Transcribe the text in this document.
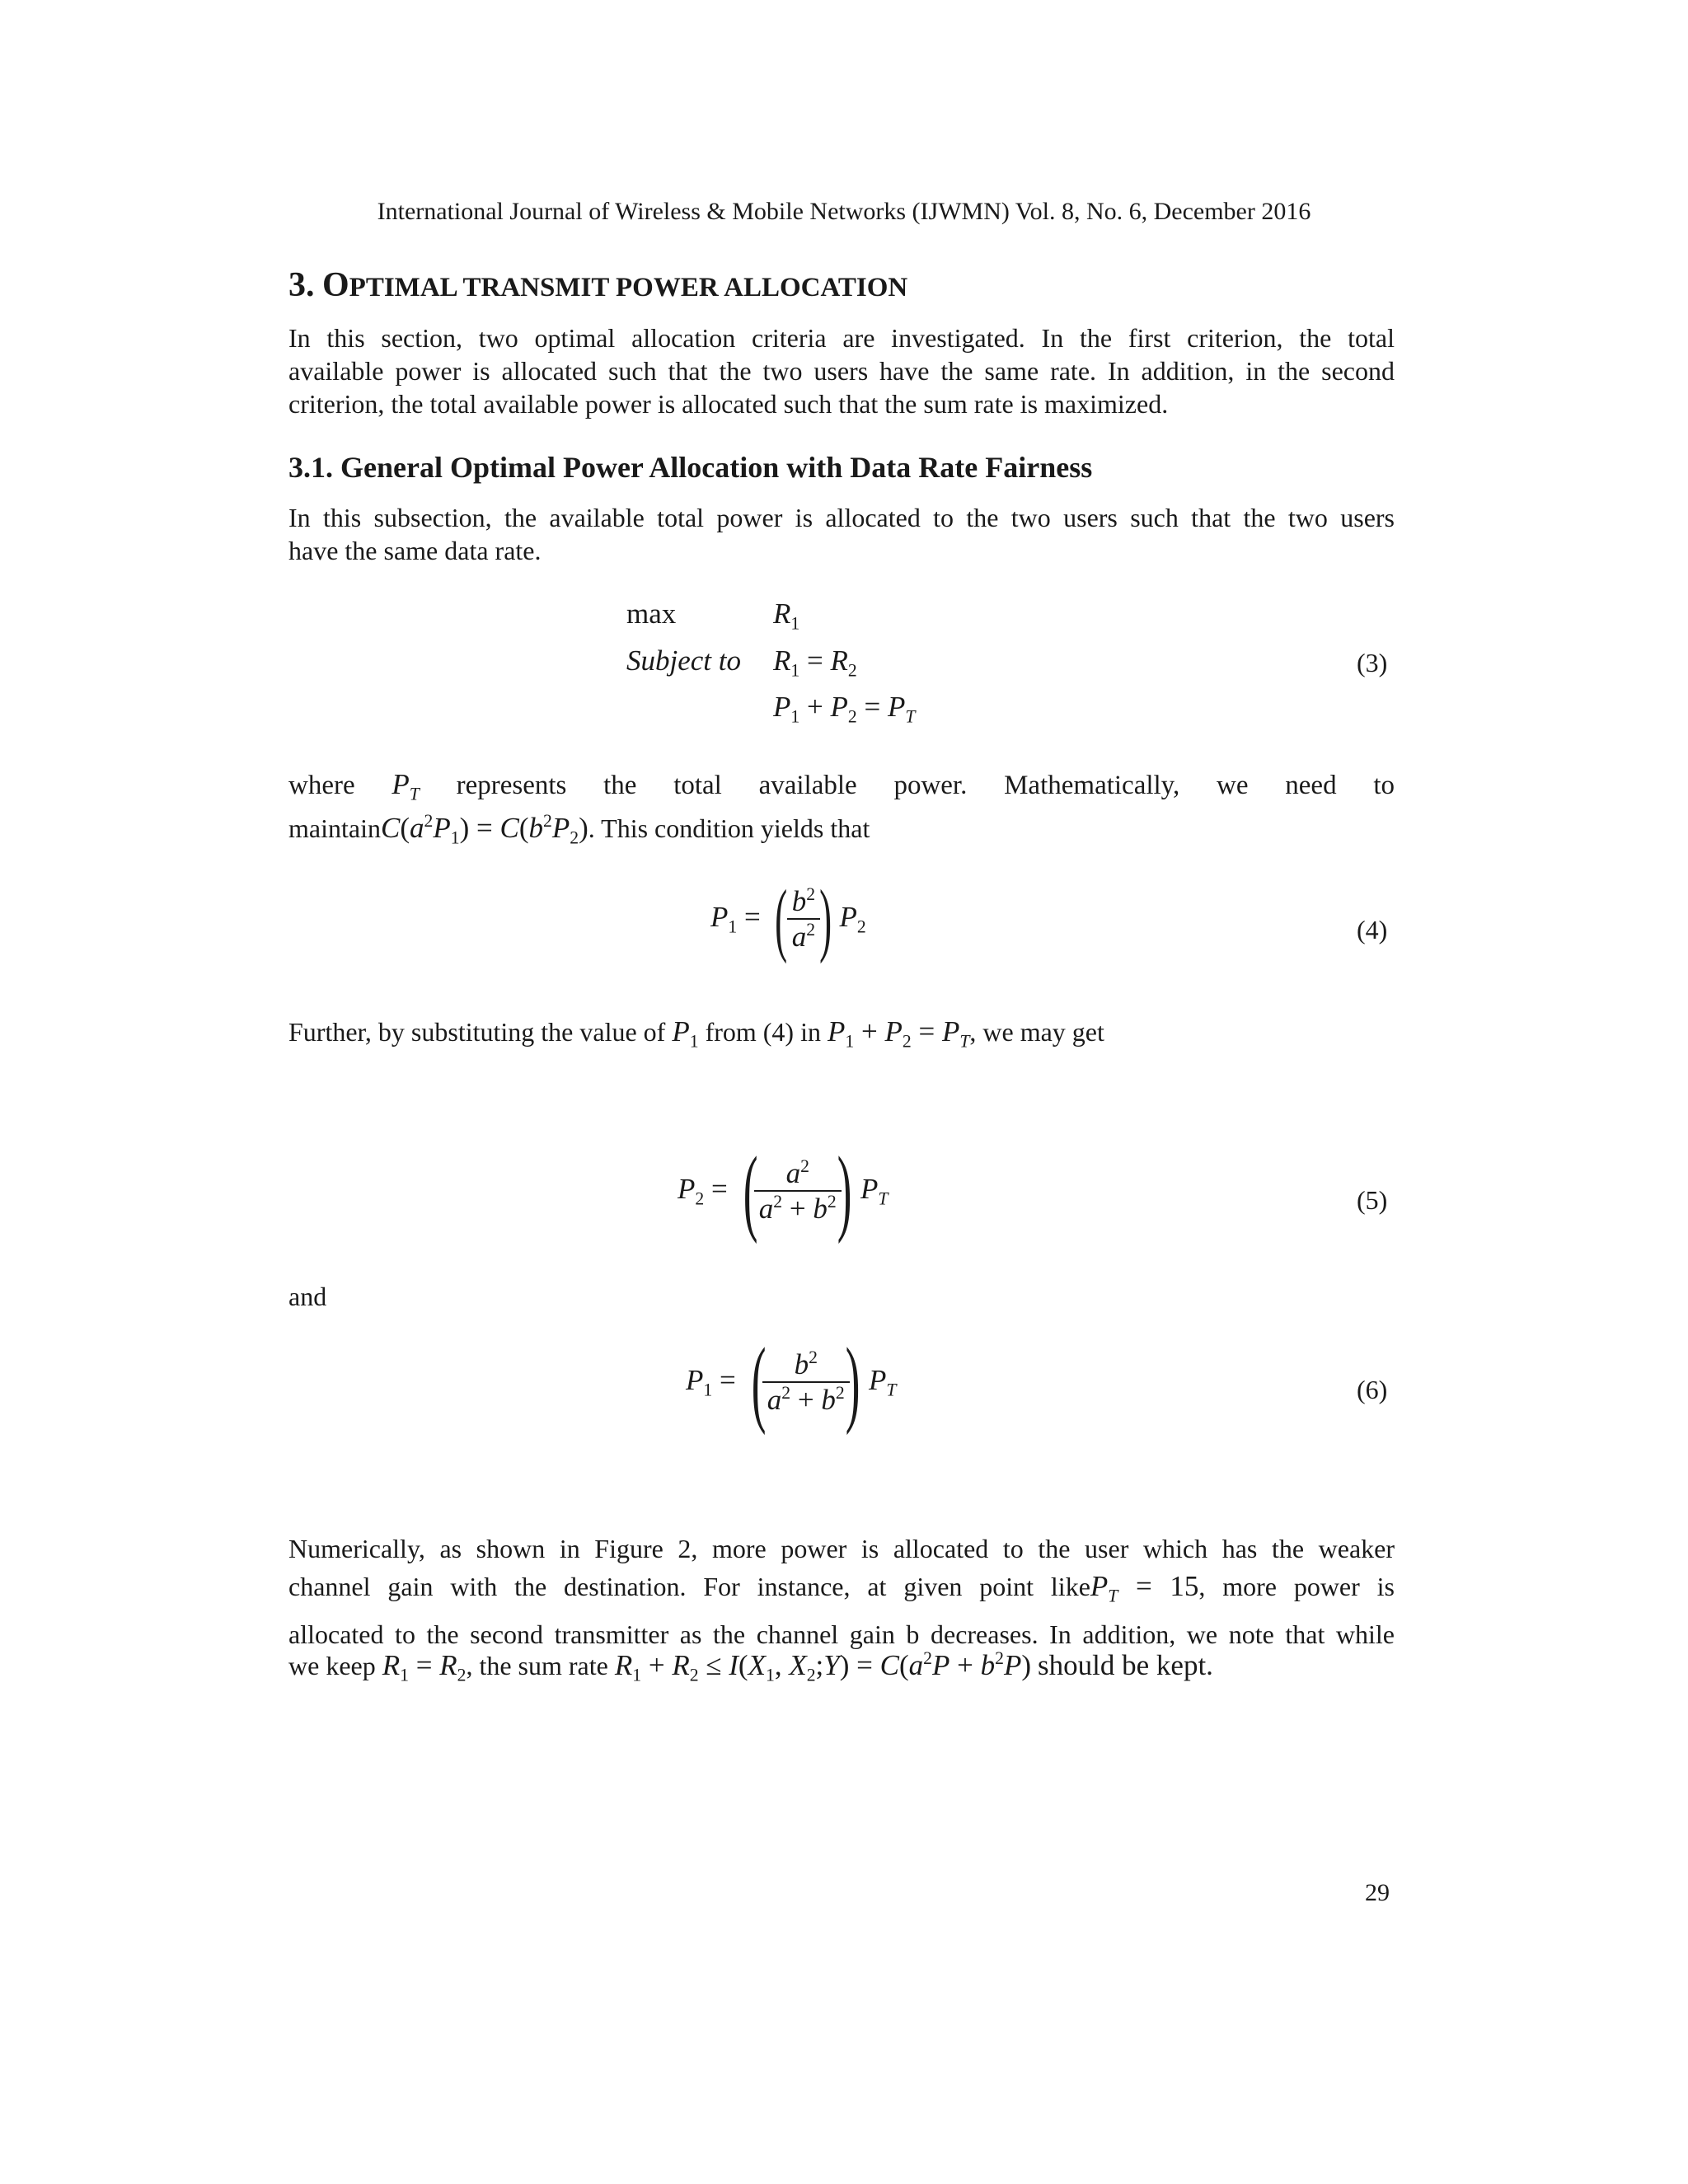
International Journal of Wireless & Mobile Networks (IJWMN) Vol. 8, No. 6, December 2016
3. OPTIMAL TRANSMIT POWER ALLOCATION
In this section, two optimal allocation criteria are investigated. In the first criterion, the total
available power is allocated such that the two users have the same rate. In addition, in the second
criterion, the total available power is allocated such that the sum rate is maximized.
3.1. General Optimal Power Allocation with Data Rate Fairness
In this subsection, the available total power is allocated to the two users such that the two users
have the same data rate.
max	$R_1$
Subject to $R_1 = R_2$
$P_1 + P_2 = P_T$
(3)
where $P_T$ represents the total available power. Mathematically, we need to
$maintainC(a^2P_1) = C(b^2P_2)$. This condition yields that
$P_1$ = ( $\frac{b^2}{a^2}$ ) $P_2$	(4)
Further, by substituting the value of $P_1$ from (4) in $P_1 + P_2 = P_T$, we may get
$P_2$ = (
$\frac{a^2}{a^2 + b^2}$
) $P_T$	(5)
and
$P_1$ = (
$\frac{b^2}{a^2 + b^2}$
) $P_T$	(6)
Numerically, as shown in Figure 2, more power is allocated to the user which has the weaker
channel gain with the destination. For instance, at given point likeP$_T$ = 15, more power is
allocated to the second transmitter as the channel gain b decreases. In addition, we note that while
we keep $R_1 = R_2$, the sum rate $R_1 + R_2 \le I(X_1$, $X_2;Y) = C(a^2P + b^2P)$ should be kept.
29
